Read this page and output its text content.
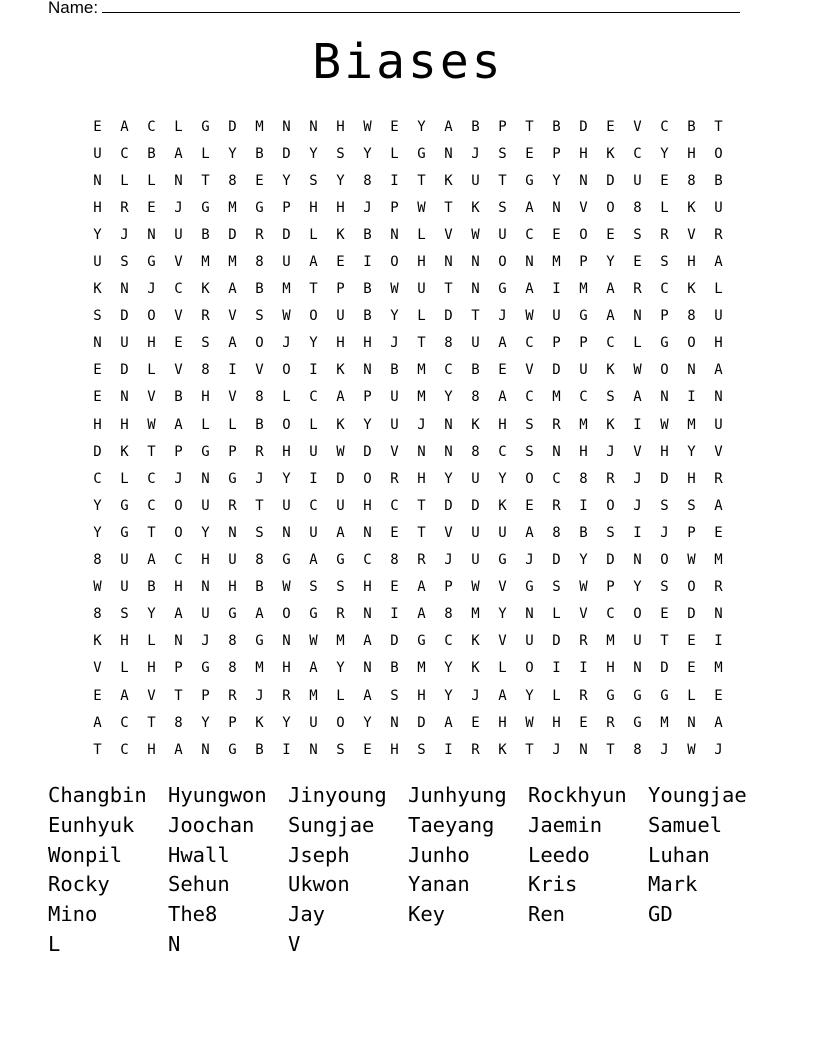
Name:
Biases
E	A	C	L	G	D	M	N	N	H	W	E	Y	A	B	P	T	B	D	E	V	C	B	T
U	C	B	A	L	Y	B	D	Y	S	Y	L	G	N	J	S	E	P	H	K	C	Y	H	O
N	L	L	N	T	8	E	Y	S	Y	8	I	T	K	U	T	G	Y	N	D	U	E	8	B
H	R	E	J	G	M	G	P	H	H	J	P	W	T	K	S	A	N	V	O	8	L	K	U
Y	J	N	U	B	D	R	D	L	K	B	N	L	V	W	U	C	E	O	E	S	R	V	R
U	S	G	V	M	M	8	U	A	E	I	O	H	N	N	O	N	M	P	Y	E	S	H	A
K	N	J	C	K	A	B	M	T	P	B	W	U	T	N	G	A	I	M	A	R	C	K	L
S	D	O	V	R	V	S	W	O	U	B	Y	L	D	T	J	W	U	G	A	N	P	8	U
N	U	H	E	S	A	O	J	Y	H	H	J	T	8	U	A	C	P	P	C	L	G	O	H
E	D	L	V	8	I	V	O	I	K	N	B	M	C	B	E	V	D	U	K	W	O	N	A
E	N	V	B	H	V	8	L	C	A	P	U	M	Y	8	A	C	M	C	S	A	N	I	N
H	H	W	A	L	L	B	O	L	K	Y	U	J	N	K	H	S	R	M	K	I	W	M	U
D	K	T	P	G	P	R	H	U	W	D	V	N	N	8	C	S	N	H	J	V	H	Y	V
C	L	C	J	N	G	J	Y	I	D	O	R	H	Y	U	Y	O	C	8	R	J	D	H	R
Y	G	C	O	U	R	T	U	C	U	H	C	T	D	D	K	E	R	I	O	J	S	S	A
Y	G	T	O	Y	N	S	N	U	A	N	E	T	V	U	U	A	8	B	S	I	J	P	E
8	U	A	C	H	U	8	G	A	G	C	8	R	J	U	G	J	D	Y	D	N	O	W	M
W	U	B	H	N	H	B	W	S	S	H	E	A	P	W	V	G	S	W	P	Y	S	O	R
8	S	Y	A	U	G	A	O	G	R	N	I	A	8	M	Y	N	L	V	C	O	E	D	N
K	H	L	N	J	8	G	N	W	M	A	D	G	C	K	V	U	D	R	M	U	T	E	I
V	L	H	P	G	8	M	H	A	Y	N	B	M	Y	K	L	O	I	I	H	N	D	E	M
E	A	V	T	P	R	J	R	M	L	A	S	H	Y	J	A	Y	L	R	G	G	G	L	E
A	C	T	8	Y	P	K	Y	U	O	Y	N	D	A	E	H	W	H	E	R	G	M	N	A
T	C	H	A	N	G	B	I	N	S	E	H	S	I	R	K	T	J	N	T	8	J	W	J
Changbin	Hyungwon	Jinyoung	Junhyung	Rockhyun	Youngjae
Eunhyuk	Joochan	Sungjae	Taeyang	Jaemin	Samuel
Wonpil	Hwall	Jseph	Junho	Leedo	Luhan
Rocky	Sehun	Ukwon	Yanan	Kris	Mark
Mino	The8	Jay	Key	Ren	GD
L	N	V
